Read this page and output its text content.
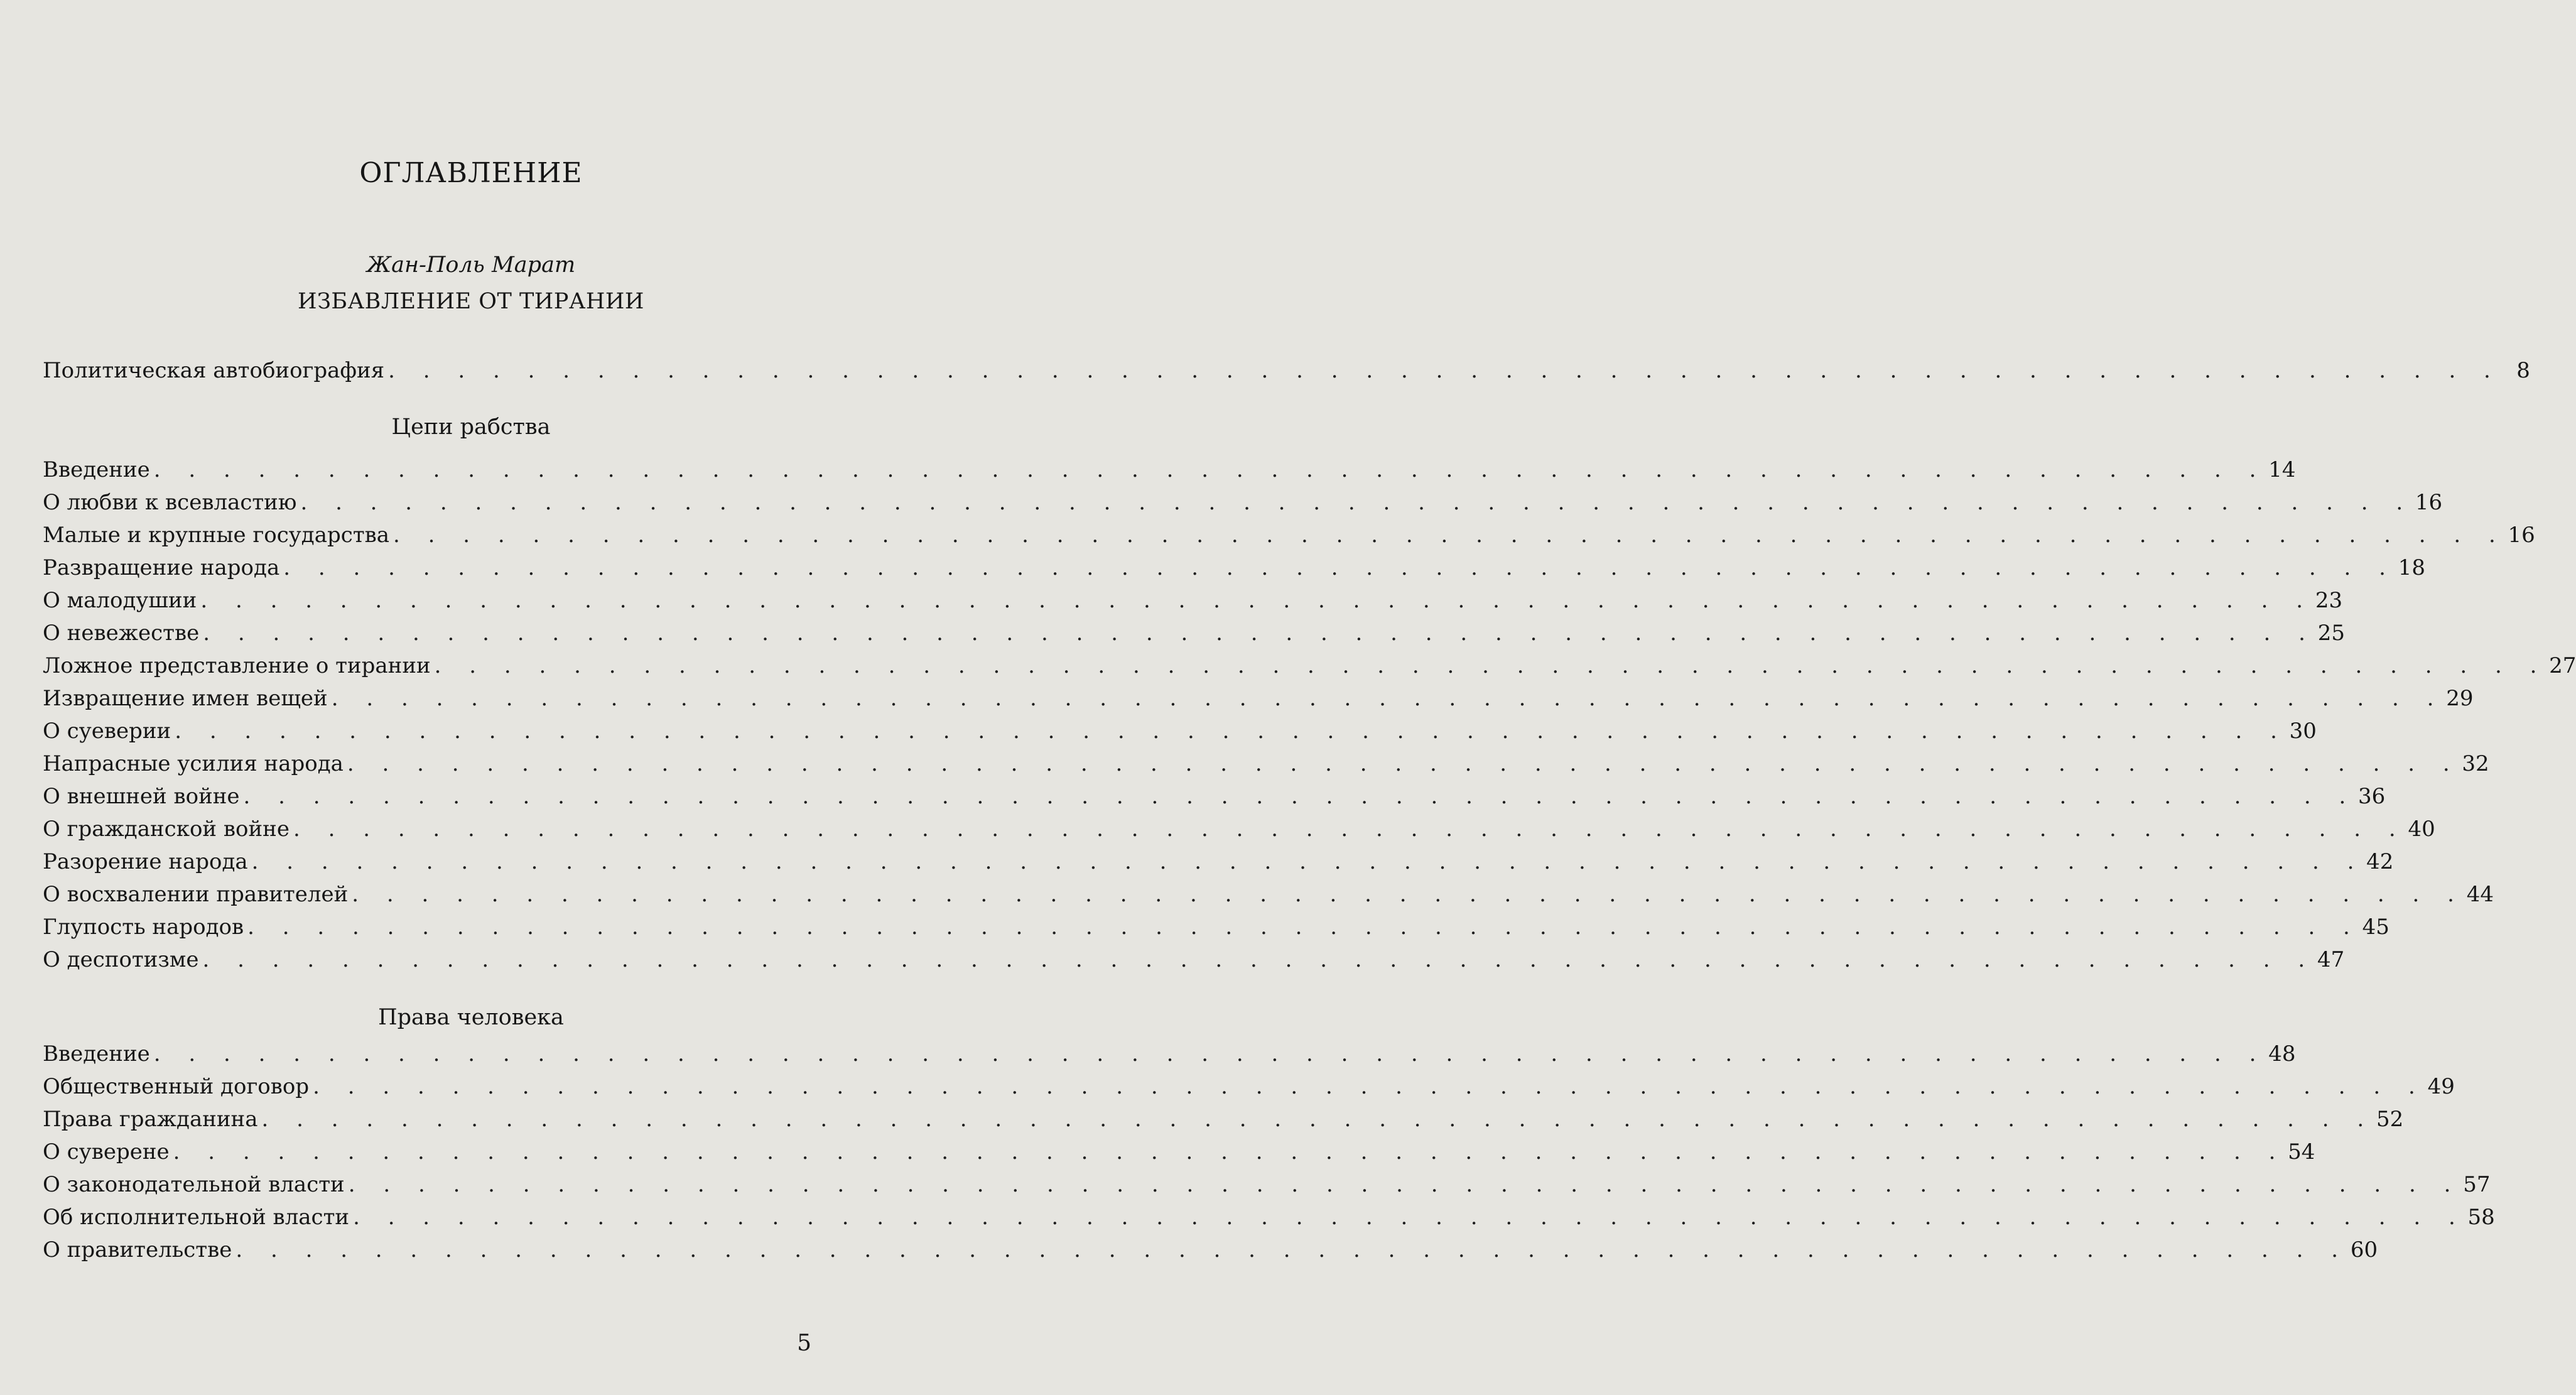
ОГЛАВЛЕНИЕ
Жан-Поль Марат
ИЗБАВЛЕНИЕ ОТ ТИРАНИИ
Политическая автобиография . . . . . . . . . . . . . . . . . . . . . . . . . . . . . . . . . . . . . . . . . . . . . . . . . . . . . . . . . . . . . 8
Цепи рабства
Введение . . . . . . . . . . . . . . . . . . . . . . . . . . . . . . . . . . . . . . . . . . . . . . . . . . . . . . . . . . . . . 14
О любви к всевластию . . . . . . . . . . . . . . . . . . . . . . . . . . . . . . . . . . . . . . . . . . . . . . . . . . . . . . . . . . . . . 16
Малые и крупные государства . . . . . . . . . . . . . . . . . . . . . . . . . . . . . . . . . . . . . . . . . . . . . . . . . . . . . . . . . . . . . 16
Развращение народа . . . . . . . . . . . . . . . . . . . . . . . . . . . . . . . . . . . . . . . . . . . . . . . . . . . . . . . . . . . . . 18
О малодушии . . . . . . . . . . . . . . . . . . . . . . . . . . . . . . . . . . . . . . . . . . . . . . . . . . . . . . . . . . . . . 23
О невежестве . . . . . . . . . . . . . . . . . . . . . . . . . . . . . . . . . . . . . . . . . . . . . . . . . . . . . . . . . . . . . 25
Ложное представление о тирании . . . . . . . . . . . . . . . . . . . . . . . . . . . . . . . . . . . . . . . . . . . . . . . . . . . . . . . . . . . . . 27
Извращение имен вещей . . . . . . . . . . . . . . . . . . . . . . . . . . . . . . . . . . . . . . . . . . . . . . . . . . . . . . . . . . . . . 29
О суеверии . . . . . . . . . . . . . . . . . . . . . . . . . . . . . . . . . . . . . . . . . . . . . . . . . . . . . . . . . . . . . 30
Напрасные усилия народа . . . . . . . . . . . . . . . . . . . . . . . . . . . . . . . . . . . . . . . . . . . . . . . . . . . . . . . . . . . . . 32
О внешней войне . . . . . . . . . . . . . . . . . . . . . . . . . . . . . . . . . . . . . . . . . . . . . . . . . . . . . . . . . . . . . 36
О гражданской войне . . . . . . . . . . . . . . . . . . . . . . . . . . . . . . . . . . . . . . . . . . . . . . . . . . . . . . . . . . . . . 40
Разорение народа . . . . . . . . . . . . . . . . . . . . . . . . . . . . . . . . . . . . . . . . . . . . . . . . . . . . . . . . . . . . . 42
О восхвалении правителей . . . . . . . . . . . . . . . . . . . . . . . . . . . . . . . . . . . . . . . . . . . . . . . . . . . . . . . . . . . . . 44
Глупость народов . . . . . . . . . . . . . . . . . . . . . . . . . . . . . . . . . . . . . . . . . . . . . . . . . . . . . . . . . . . . . 45
О деспотизме . . . . . . . . . . . . . . . . . . . . . . . . . . . . . . . . . . . . . . . . . . . . . . . . . . . . . . . . . . . . . 47
Права человека
Введение . . . . . . . . . . . . . . . . . . . . . . . . . . . . . . . . . . . . . . . . . . . . . . . . . . . . . . . . . . . . . 48
Общественный договор . . . . . . . . . . . . . . . . . . . . . . . . . . . . . . . . . . . . . . . . . . . . . . . . . . . . . . . . . . . . . 49
Права гражданина . . . . . . . . . . . . . . . . . . . . . . . . . . . . . . . . . . . . . . . . . . . . . . . . . . . . . . . . . . . . . 52
О суверене . . . . . . . . . . . . . . . . . . . . . . . . . . . . . . . . . . . . . . . . . . . . . . . . . . . . . . . . . . . . . 54
О законодательной власти . . . . . . . . . . . . . . . . . . . . . . . . . . . . . . . . . . . . . . . . . . . . . . . . . . . . . . . . . . . . . 57
Об исполнительной власти . . . . . . . . . . . . . . . . . . . . . . . . . . . . . . . . . . . . . . . . . . . . . . . . . . . . . . . . . . . . . 58
О правительстве . . . . . . . . . . . . . . . . . . . . . . . . . . . . . . . . . . . . . . . . . . . . . . . . . . . . . . . . . . . . . 60
5
